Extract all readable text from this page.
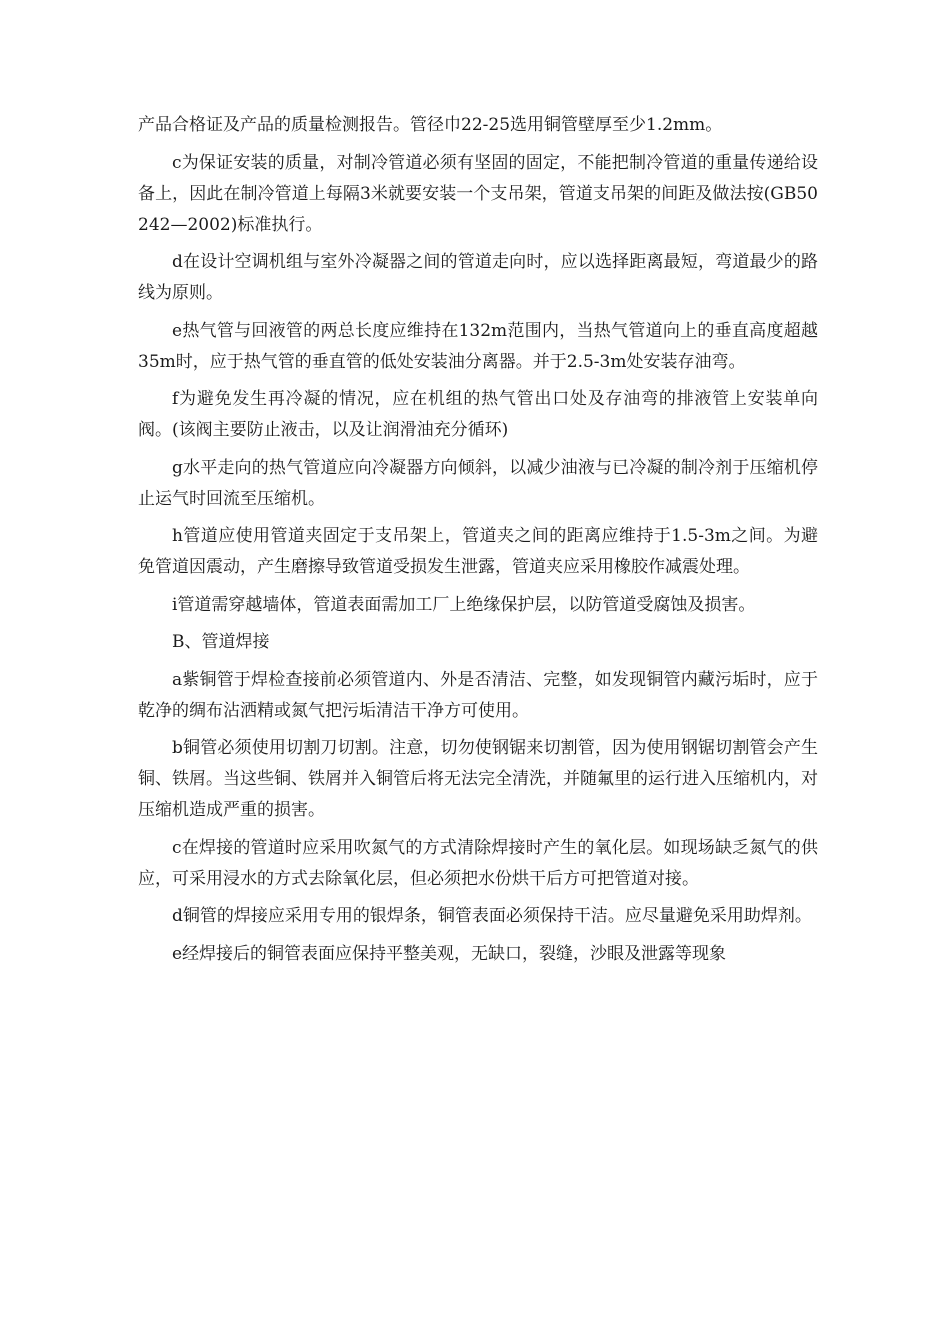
产品合格证及产品的质量检测报告。管径巾22-25选用铜管壁厚至少1.2mm。

c为保证安装的质量，对制冷管道必须有坚固的固定，不能把制冷管道的重量传递给设备上，因此在制冷管道上每隔3米就要安装一个支吊架，管道支吊架的间距及做法按(GB50242—2002)标准执行。

d在设计空调机组与室外冷凝器之间的管道走向时，应以选择距离最短，弯道最少的路线为原则。

e热气管与回液管的两总长度应维持在132m范围内，当热气管道向上的垂直高度超越35m时，应于热气管的垂直管的低处安装油分离器。并于2.5-3m处安装存油弯。

f为避免发生再冷凝的情况，应在机组的热气管出口处及存油弯的排液管上安装单向阀。(该阀主要防止液击，以及让润滑油充分循环)

g水平走向的热气管道应向冷凝器方向倾斜，以减少油液与已冷凝的制冷剂于压缩机停止运气时回流至压缩机。

h管道应使用管道夹固定于支吊架上，管道夹之间的距离应维持于1.5-3m之间。为避免管道因震动，产生磨擦导致管道受损发生泄露，管道夹应采用橡胶作减震处理。

i管道需穿越墙体，管道表面需加工厂上绝缘保护层，以防管道受腐蚀及损害。

B、管道焊接

a紫铜管于焊检查接前必须管道内、外是否清洁、完整，如发现铜管内藏污垢时，应于乾净的绸布沾洒精或氮气把污垢清洁干净方可使用。

b铜管必须使用切割刀切割。注意，切勿使钢锯来切割管，因为使用钢锯切割管会产生铜、铁屑。当这些铜、铁屑并入铜管后将无法完全清洗，并随氟里的运行进入压缩机内，对压缩机造成严重的损害。

c在焊接的管道时应采用吹氮气的方式清除焊接时产生的氧化层。如现场缺乏氮气的供应，可采用浸水的方式去除氧化层，但必须把水份烘干后方可把管道对接。

d铜管的焊接应采用专用的银焊条，铜管表面必须保持干洁。应尽量避免采用助焊剂。

e经焊接后的铜管表面应保持平整美观，无缺口，裂缝，沙眼及泄露等现象
